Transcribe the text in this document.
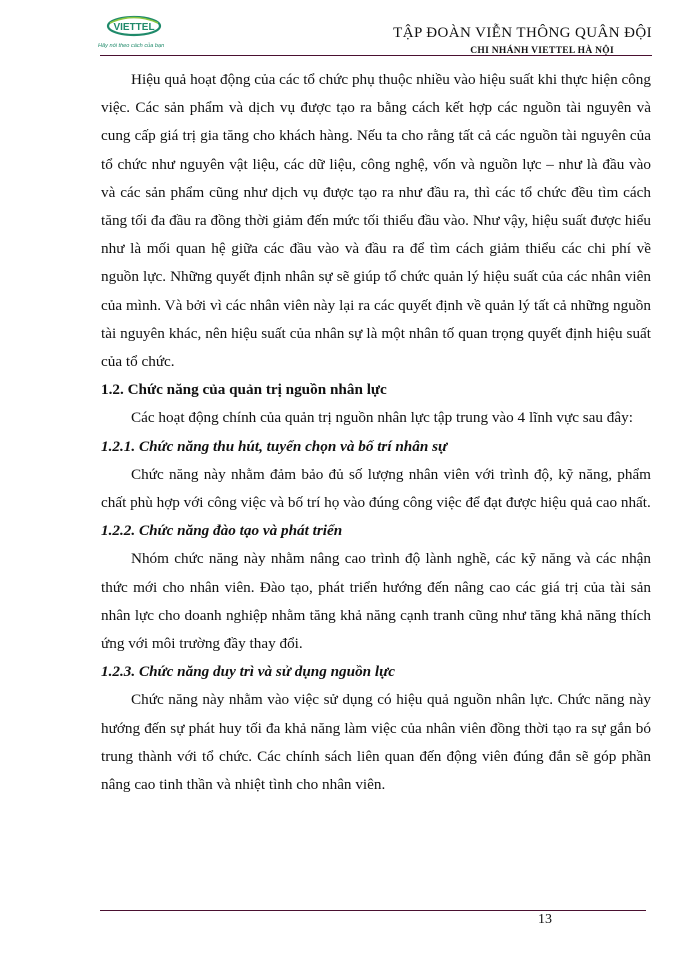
VIETTEL
Hãy nói theo cách của bạn
TẬP ĐOÀN VIỄN THÔNG QUÂN ĐỘI
CHI NHÁNH VIETTEL HÀ NỘI

Hiệu quả hoạt động của các tổ chức phụ thuộc nhiều vào hiệu suất khi thực hiện công việc. Các sản phẩm và dịch vụ được tạo ra bằng cách kết hợp các nguồn tài nguyên và cung cấp giá trị gia tăng cho khách hàng. Nếu ta cho rằng tất cả các nguồn tài nguyên của tổ chức như nguyên vật liệu, các dữ liệu, công nghệ, vốn và nguồn lực – như là đầu vào và các sản phẩm cũng như dịch vụ được tạo ra như đầu ra, thì các tổ chức đều tìm cách tăng tối đa đầu ra đồng thời giảm đến mức tối thiểu đầu vào. Như vậy, hiệu suất được hiểu như là mối quan hệ giữa các đầu vào và đầu ra để tìm cách giảm thiểu các chi phí về nguồn lực. Những quyết định nhân sự sẽ giúp tổ chức quản lý hiệu suất của các nhân viên của mình. Và bởi vì các nhân viên này lại ra các quyết định về quản lý tất cả những nguồn tài nguyên khác, nên hiệu suất của nhân sự là một nhân tố quan trọng quyết định hiệu suất của tổ chức.

1.2. Chức năng của quản trị nguồn nhân lực

Các hoạt động chính của quản trị nguồn nhân lực tập trung vào 4 lĩnh vực sau đây:

1.2.1. Chức năng thu hút, tuyển chọn và bố trí nhân sự

Chức năng này nhằm đảm bảo đủ số lượng nhân viên với trình độ, kỹ năng, phẩm chất phù hợp với công việc và bố trí họ vào đúng công việc để đạt được hiệu quả cao nhất.

1.2.2. Chức năng đào tạo và phát triển

Nhóm chức năng này nhằm nâng cao trình độ lành nghề, các kỹ năng và các nhận thức mới cho nhân viên. Đào tạo, phát triển hướng đến nâng cao các giá trị của tài sản nhân lực cho doanh nghiệp nhằm tăng khả năng cạnh tranh cũng như tăng khả năng thích ứng với môi trường đầy thay đổi.

1.2.3. Chức năng duy trì và sử dụng nguồn lực

Chức năng này nhằm vào việc sử dụng có hiệu quả nguồn nhân lực. Chức năng này hướng đến sự phát huy tối đa khả năng làm việc của nhân viên đồng thời tạo ra sự gắn bó trung thành với tổ chức. Các chính sách liên quan đến động viên đúng đắn sẽ góp phần nâng cao tinh thần và nhiệt tình cho nhân viên.

13
